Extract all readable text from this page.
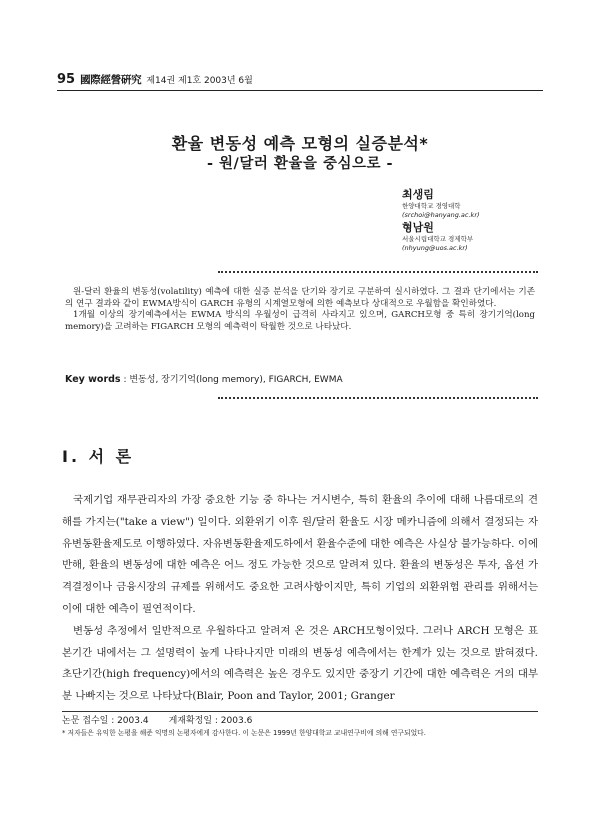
95 國際經營硏究 제14권 제1호 2003년 6월
환율 변동성 예측 모형의 실증분석*
- 원/달러 환율을 중심으로 -
최생림
한양대학교 경영대학
(srchoi@hanyang.ac.kr)
형남원
서울시립대학교 경제학부
(nhyung@uos.ac.kr)

원-달러 환율의 변동성(volatility) 예측에 대한 실증 분석을 단기와 장기로 구분하여 실시하였다. 그 결과 단기에서는 기존의 연구 결과와 같이 EWMA방식이 GARCH 유형의 시계열모형에 의한 예측보다 상대적으로 우월함을 확인하였다.

1개월 이상의 장기예측에서는 EWMA 방식의 우월성이 급격히 사라지고 있으며, GARCH모형 중 특히 장기기억(long memory)을 고려하는 FIGARCH 모형의 예측력이 탁월한 것으로 나타났다.

Key words : 변동성, 장기기억(long memory), FIGARCH, EWMA
Ⅰ. 서 론

국제기업 재무관리자의 가장 중요한 기능 중 하나는 거시변수, 특히 환율의 추이에 대해 나름대로의 견해를 가지는("take a view") 일이다. 외환위기 이후 원/달러 환율도 시장 메카니즘에 의해서 결정되는 자유변동환율제도로 이행하였다. 자유변동환율제도하에서 환율수준에 대한 예측은 사실상 불가능하다. 이에 반해, 환율의 변동성에 대한 예측은 어느 정도 가능한 것으로 알려져 있다. 환율의 변동성은 투자, 옵션 가격결정이나 금융시장의 규제를 위해서도 중요한 고려사항이지만, 특히 기업의 외환위험 관리를 위해서는 이에 대한 예측이 필연적이다.

변동성 추정에서 일반적으로 우월하다고 알려져 온 것은 ARCH모형이었다. 그러나 ARCH 모형은 표본기간 내에서는 그 설명력이 높게 나타나지만 미래의 변동성 예측에서는 한계가 있는 것으로 밝혀졌다. 초단기간(high frequency)에서의 예측력은 높은 경우도 있지만 중장기 기간에 대한 예측력은 거의 대부분 나빠지는 것으로 나타났다(Blair, Poon and Taylor, 2001; Granger

논문 접수일 : 2003.4 게재확정일 : 2003.6
* 저자들은 유익한 논평을 해준 익명의 논평자에게 감사한다. 이 논문은 1999년 한양대학교 교내연구비에 의해 연구되었다.
